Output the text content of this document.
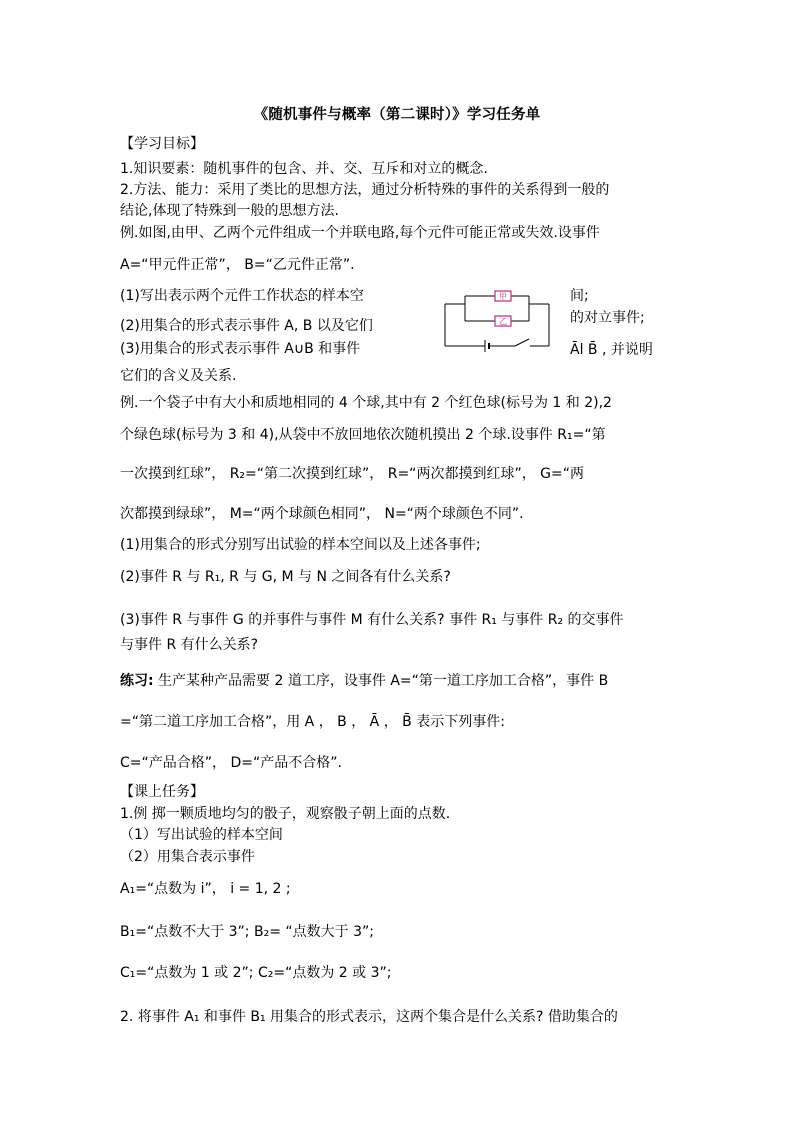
《随机事件与概率（第二课时）》学习任务单
【学习目标】
1.知识要素：随机事件的包含、并、交、互斥和对立的概念.
2.方法、能力：采用了类比的思想方法，通过分析特殊的事件的关系得到一般的
结论,体现了特殊到一般的思想方法.
例.如图,由甲、乙两个元件组成一个并联电路,每个元件可能正常或失效.设事件
A=“甲元件正常”， B=“乙元件正常”.
(1)写出表示两个元件工作状态的样本空	间;
(2)用集合的形式表示事件 A, B 以及它们	的对立事件;
(3)用集合的形式表示事件 A∪B 和事件	Āl B̄ , 并说明
它们的含义及关系.
甲
乙
例.一个袋子中有大小和质地相同的 4 个球,其中有 2 个红色球(标号为 1 和 2),2
个绿色球(标号为 3 和 4),从袋中不放回地依次随机摸出 2 个球.设事件 R₁=“第
一次摸到红球”， R₂=“第二次摸到红球”， R=“两次都摸到红球”， G=“两
次都摸到绿球”， M=“两个球颜色相同”， N=“两个球颜色不同”.
(1)用集合的形式分别写出试验的样本空间以及上述各事件;
(2)事件 R 与 R₁, R 与 G, M 与 N 之间各有什么关系?
(3)事件 R 与事件 G 的并事件与事件 M 有什么关系? 事件 R₁ 与事件 R₂ 的交事件
与事件 R 有什么关系?
练习: 生产某种产品需要 2 道工序，设事件 A=“第一道工序加工合格”，事件 B
=“第二道工序加工合格”，用 A ， B ， Ā ， B̄ 表示下列事件:
C=“产品合格”， D=“产品不合格”.
【课上任务】
1.例 掷一颗质地均匀的骰子，观察骰子朝上面的点数.
（1）写出试验的样本空间
（2）用集合表示事件
A₁=“点数为 i”， i = 1, 2 ;
B₁=“点数不大于 3”; B₂= “点数大于 3”;
C₁=“点数为 1 或 2”; C₂=“点数为 2 或 3”;
2. 将事件 A₁ 和事件 B₁ 用集合的形式表示，这两个集合是什么关系? 借助集合的
